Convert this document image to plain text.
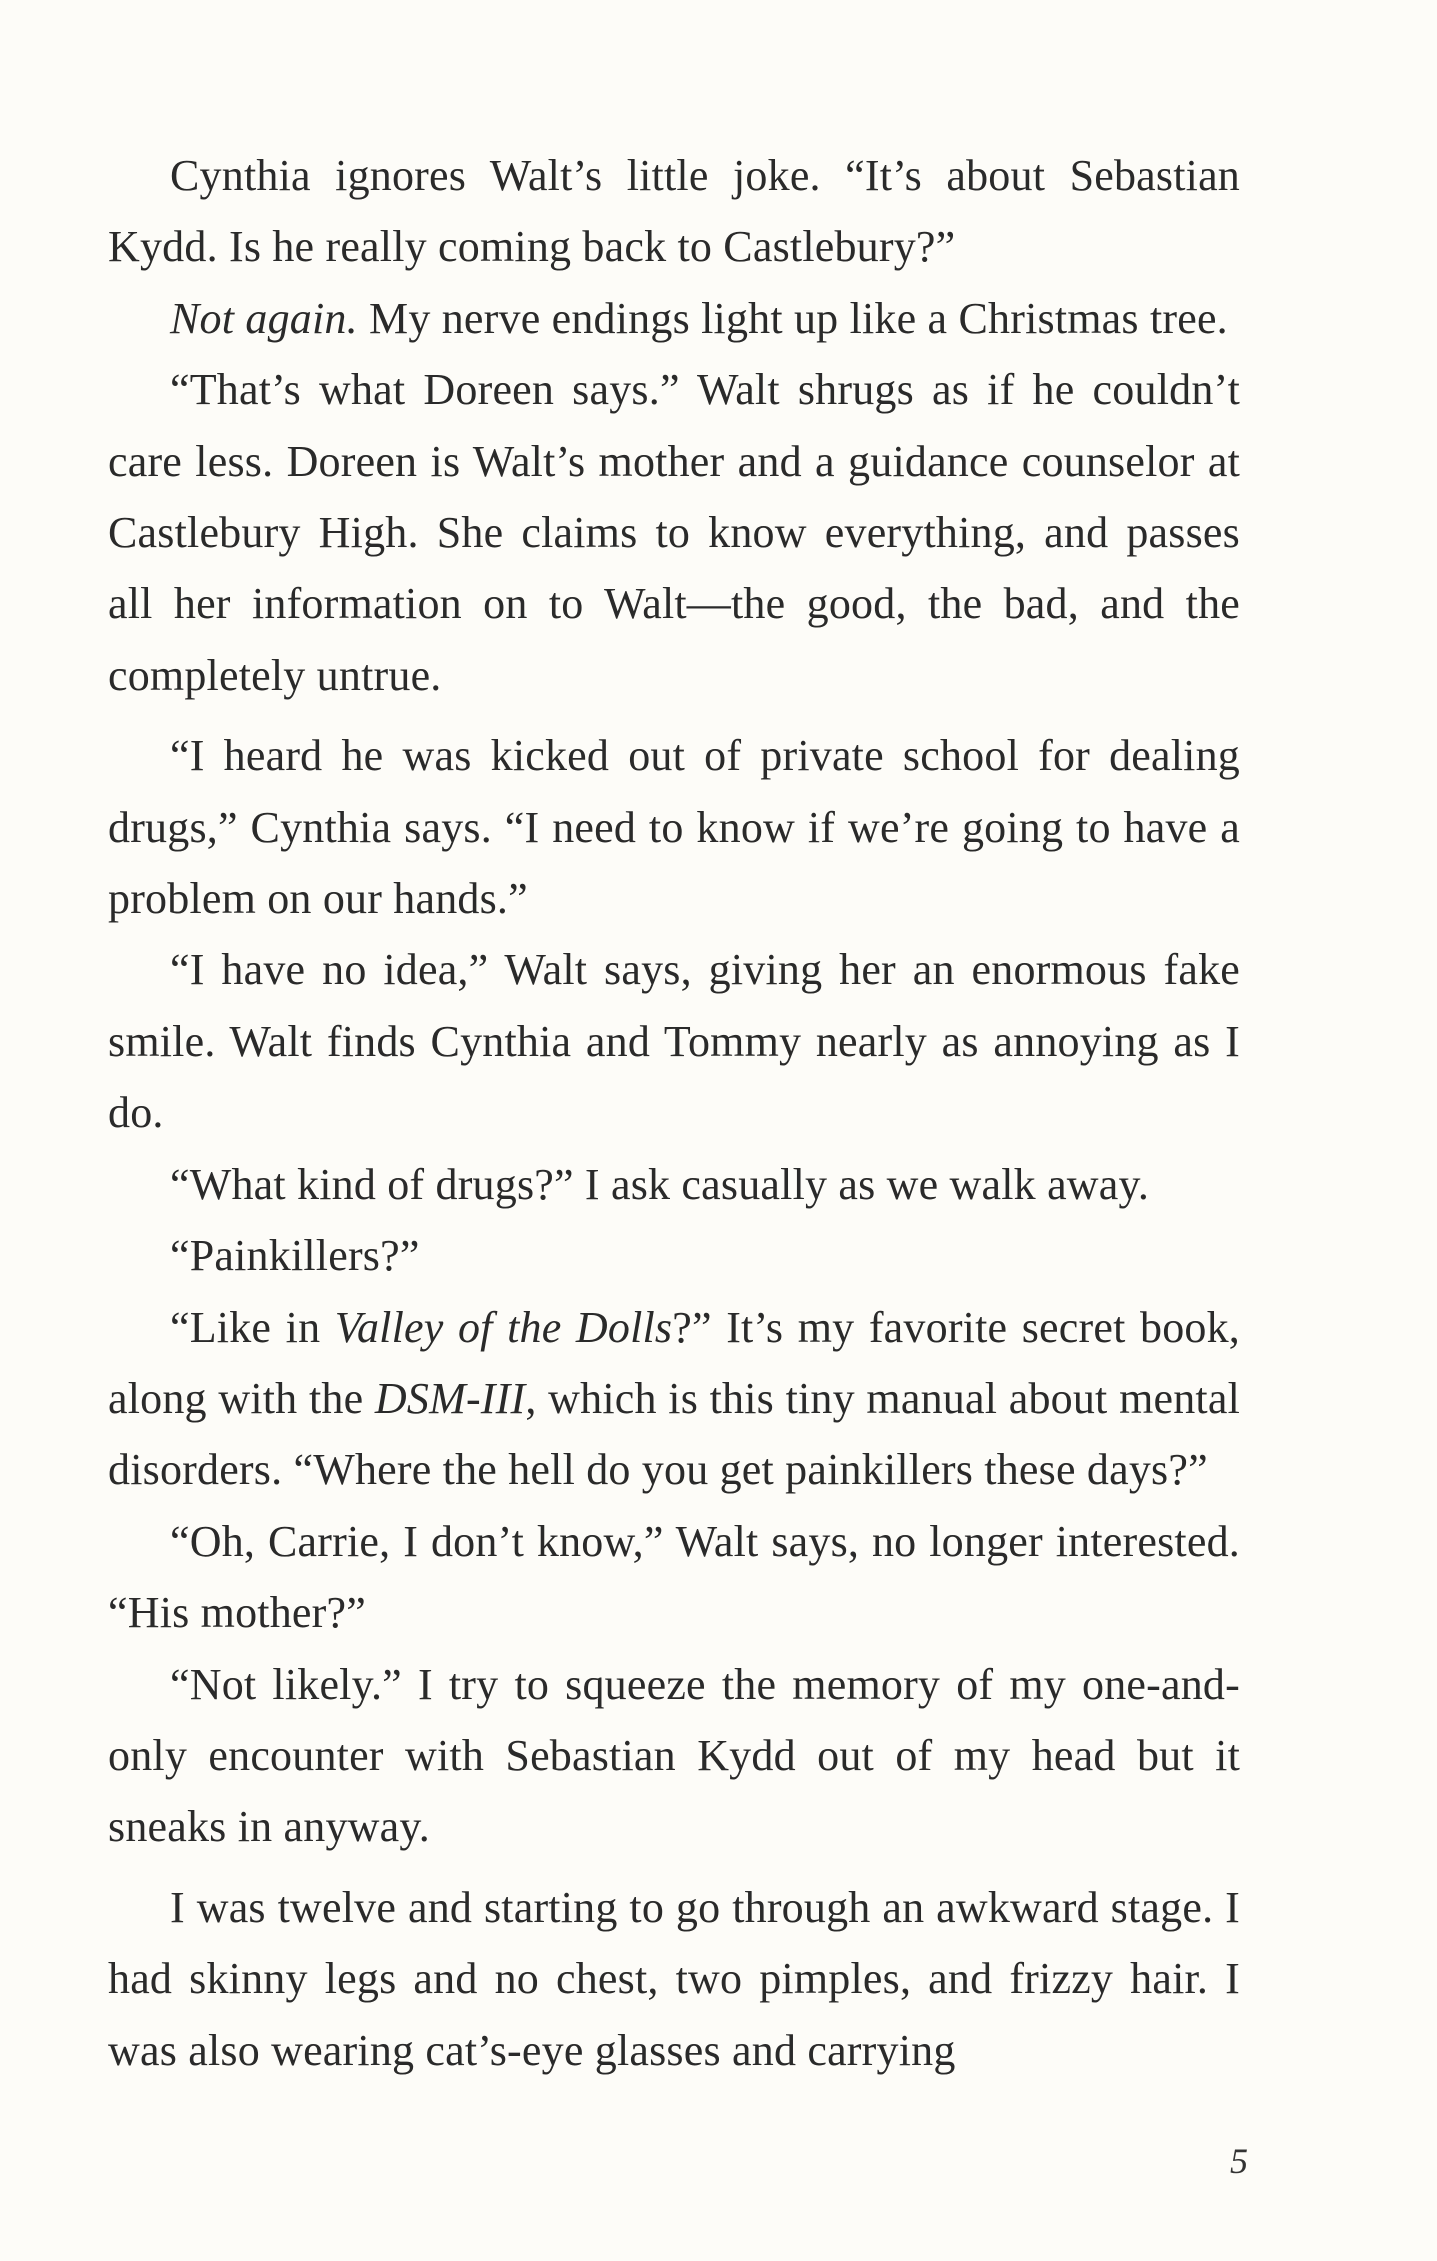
Cynthia ignores Walt’s little joke. “It’s about Sebastian Kydd. Is he really coming back to Castlebury?”

Not again. My nerve endings light up like a Christmas tree.

“That’s what Doreen says.” Walt shrugs as if he couldn’t care less. Doreen is Walt’s mother and a guidance counselor at Castlebury High. She claims to know everything, and passes all her information on to Walt—the good, the bad, and the completely untrue.

“I heard he was kicked out of private school for dealing drugs,” Cynthia says. “I need to know if we’re going to have a problem on our hands.”

“I have no idea,” Walt says, giving her an enormous fake smile. Walt finds Cynthia and Tommy nearly as annoying as I do.

“What kind of drugs?” I ask casually as we walk away.

“Painkillers?”

“Like in Valley of the Dolls?” It’s my favorite secret book, along with the DSM-III, which is this tiny manual about mental disorders. “Where the hell do you get painkillers these days?”

“Oh, Carrie, I don’t know,” Walt says, no longer interested. “His mother?”

“Not likely.” I try to squeeze the memory of my one-and-only encounter with Sebastian Kydd out of my head but it sneaks in anyway.

I was twelve and starting to go through an awkward stage. I had skinny legs and no chest, two pimples, and frizzy hair. I was also wearing cat’s-eye glasses and carrying

5
